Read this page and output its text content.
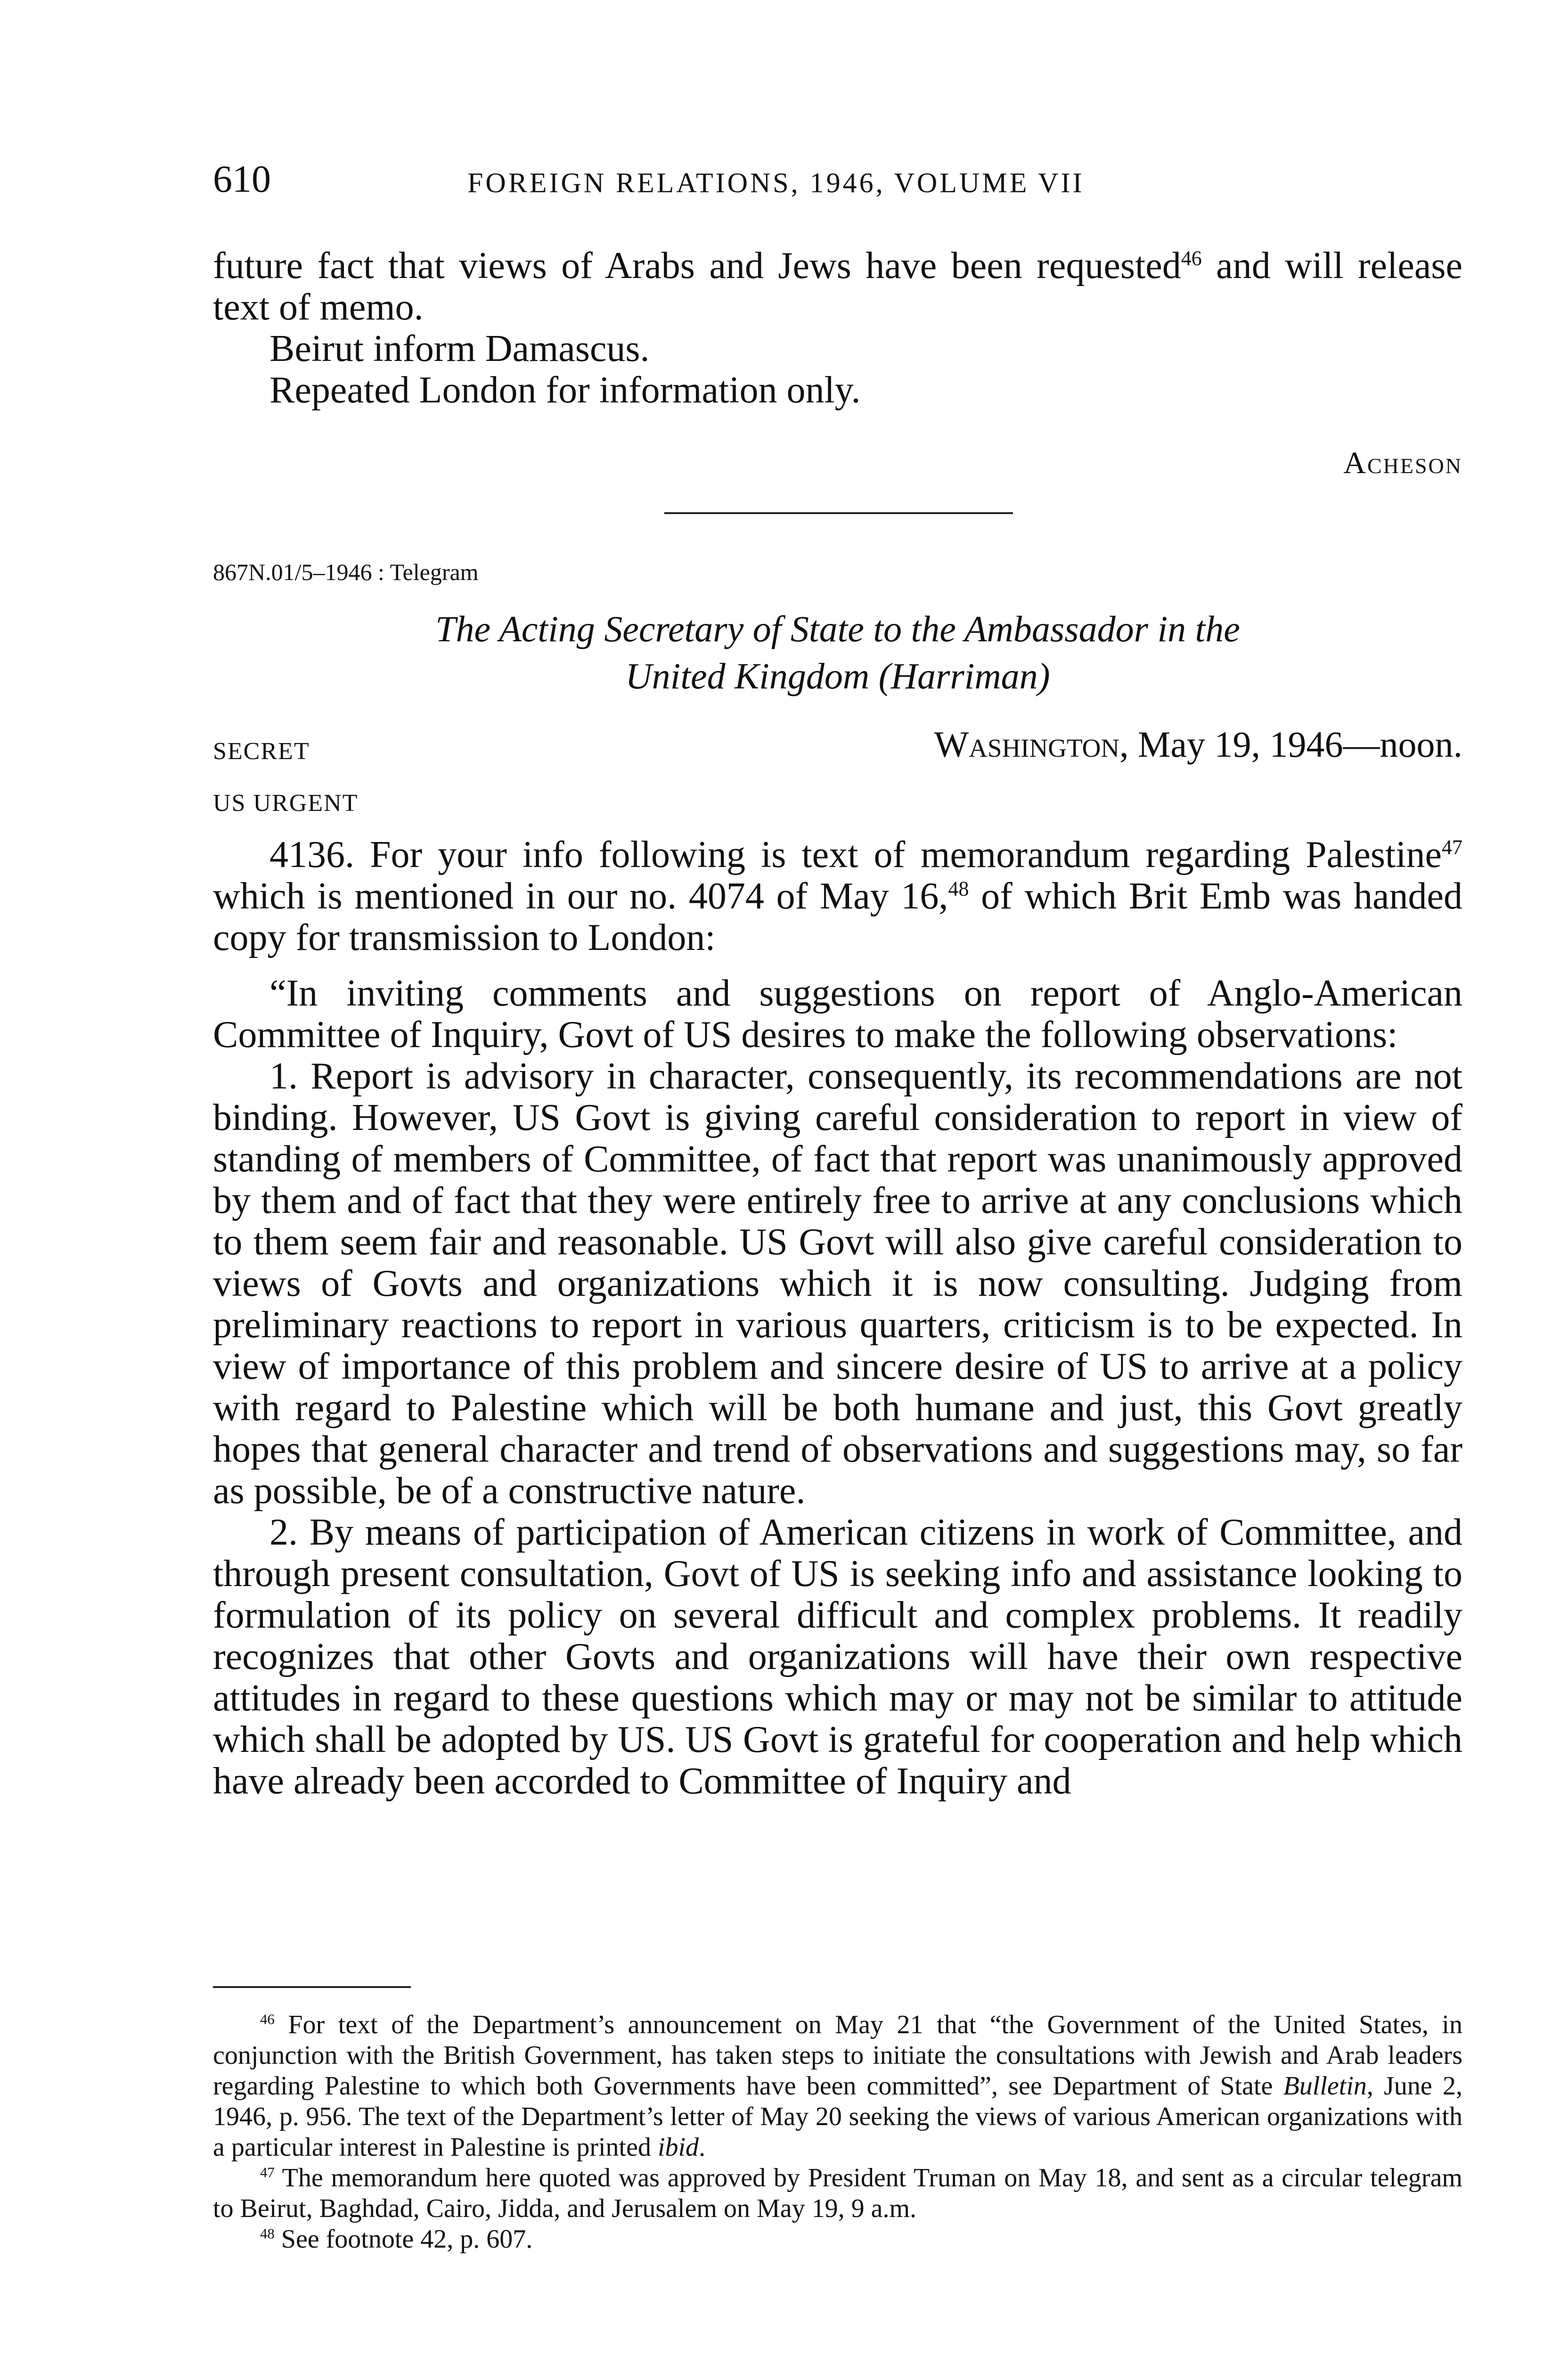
610	FOREIGN RELATIONS, 1946, VOLUME VII

future fact that views of Arabs and Jews have been requested$^{46}$ and will release text of memo.

Beirut inform Damascus.

Repeated London for information only.

Acheson
867N.01/5–1946 : Telegram
The Acting Secretary of State to the Ambassador in the
United Kingdom (Harriman)
SECRET	Washington, May 19, 1946—noon.
US URGENT

4136. For your info following is text of memorandum regarding Palestine$^{47}$ which is mentioned in our no. 4074 of May 16,48 of which Brit Emb was handed copy for transmission to London:

“In inviting comments and suggestions on report of Anglo-American Committee of Inquiry, Govt of US desires to make the following observations:

1. Report is advisory in character, consequently, its recommendations are not binding. However, US Govt is giving careful consideration to report in view of standing of members of Committee, of fact that report was unanimously approved by them and of fact that they were entirely free to arrive at any conclusions which to them seem fair and reasonable. US Govt will also give careful consideration to views of Govts and organizations which it is now consulting. Judging from preliminary reactions to report in various quarters, criticism is to be expected. In view of importance of this problem and sincere desire of US to arrive at a policy with regard to Palestine which will be both humane and just, this Govt greatly hopes that general character and trend of observations and suggestions may, so far as possible, be of a constructive nature.

2. By means of participation of American citizens in work of Committee, and through present consultation, Govt of US is seeking info and assistance looking to formulation of its policy on several difficult and complex problems. It readily recognizes that other Govts and organizations will have their own respective attitudes in regard to these questions which may or may not be similar to attitude which shall be adopted by US. US Govt is grateful for cooperation and help which have already been accorded to Committee of Inquiry and

$^{46}$ For text of the Department’s announcement on May 21 that “the Government of the United States, in conjunction with the British Government, has taken steps to initiate the consultations with Jewish and Arab leaders regarding Palestine to which both Governments have been committed”, see Department of State Bulletin, June 2, 1946, p. 956. The text of the Department’s letter of May 20 seeking the views of various American organizations with a particular interest in Palestine is printed ibid.

$^{47}$ The memorandum here quoted was approved by President Truman on May 18, and sent as a circular telegram to Beirut, Baghdad, Cairo, Jidda, and Jerusalem on May 19, 9 a.m.

$^{48}$ See footnote 42, p. 607.
